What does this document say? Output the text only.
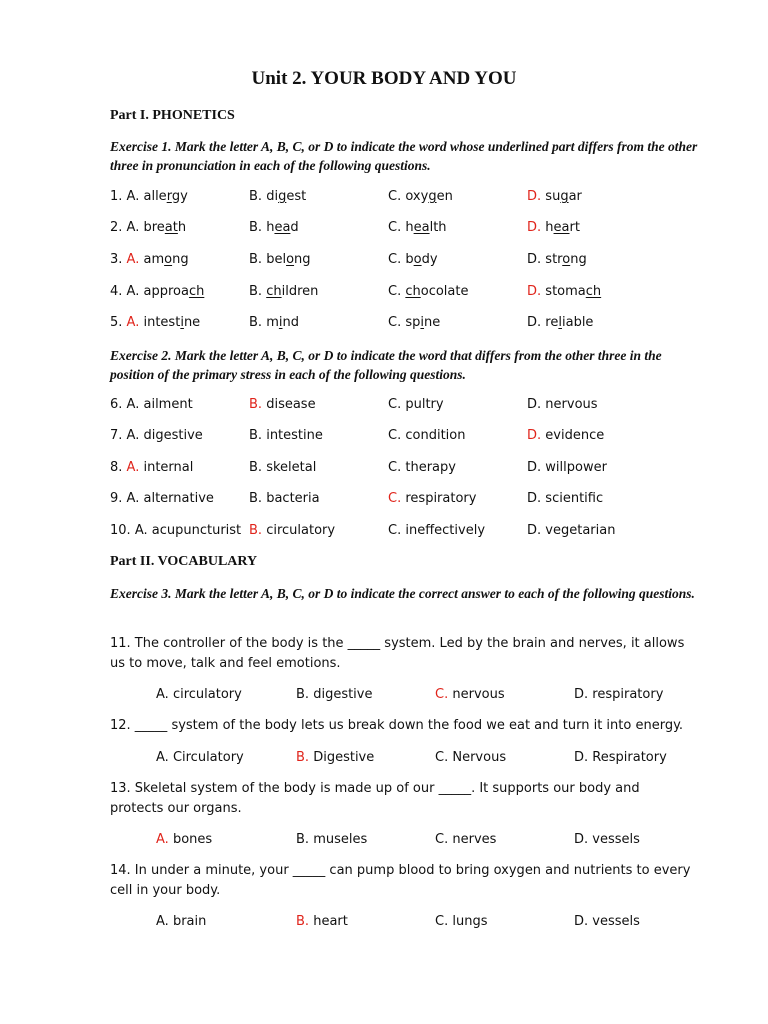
Unit 2. YOUR BODY AND YOU
Part I. PHONETICS
Exercise 1. Mark the letter A, B, C, or D to indicate the word whose underlined part differs from the other three in pronunciation in each of the following questions.
1. A. allergy	B. digest	C. oxygen	D. sugar
2. A. breath	B. head	C. health	D. heart
3. A. among	B. belong	C. body	D. strong
4. A. approach	B. children	C. chocolate	D. stomach
5. A. intestine	B. mind	C. spine	D. reliable
6. A. ailment	B. disease	C. pultry	D. nervous
7. A. digestive	B. intestine	C. condition	D. evidence
8. A. internal	B. skeletal	C. therapy	D. willpower
9. A. alternative	B. bacteria	C. respiratory	D. scientific
10. A. acupuncturist B. circulatory	C. ineffectively	D. vegetarian
Exercise 2. Mark the letter A, B, C, or D to indicate the word that differs from the other three in the position of the primary stress in each of the following questions.
Part II. VOCABULARY
Exercise 3. Mark the letter A, B, C, or D to indicate the correct answer to each of the following questions.
11. The controller of the body is the _____ system. Led by the brain and nerves, it allows us to move, talk and feel emotions.
A. circulatory	B. digestive	C. nervous	D. respiratory
12. _____ system of the body lets us break down the food we eat and turn it into energy.
A. Circulatory	B. Digestive	C. Nervous	D. Respiratory
13. Skeletal system of the body is made up of our _____. It supports our body and protects our organs.
A. bones	B. museles	C. nerves	D. vessels
14. In under a minute, your _____ can pump blood to bring oxygen and nutrients to every cell in your body.
A. brain	B. heart	C. lungs	D. vessels
